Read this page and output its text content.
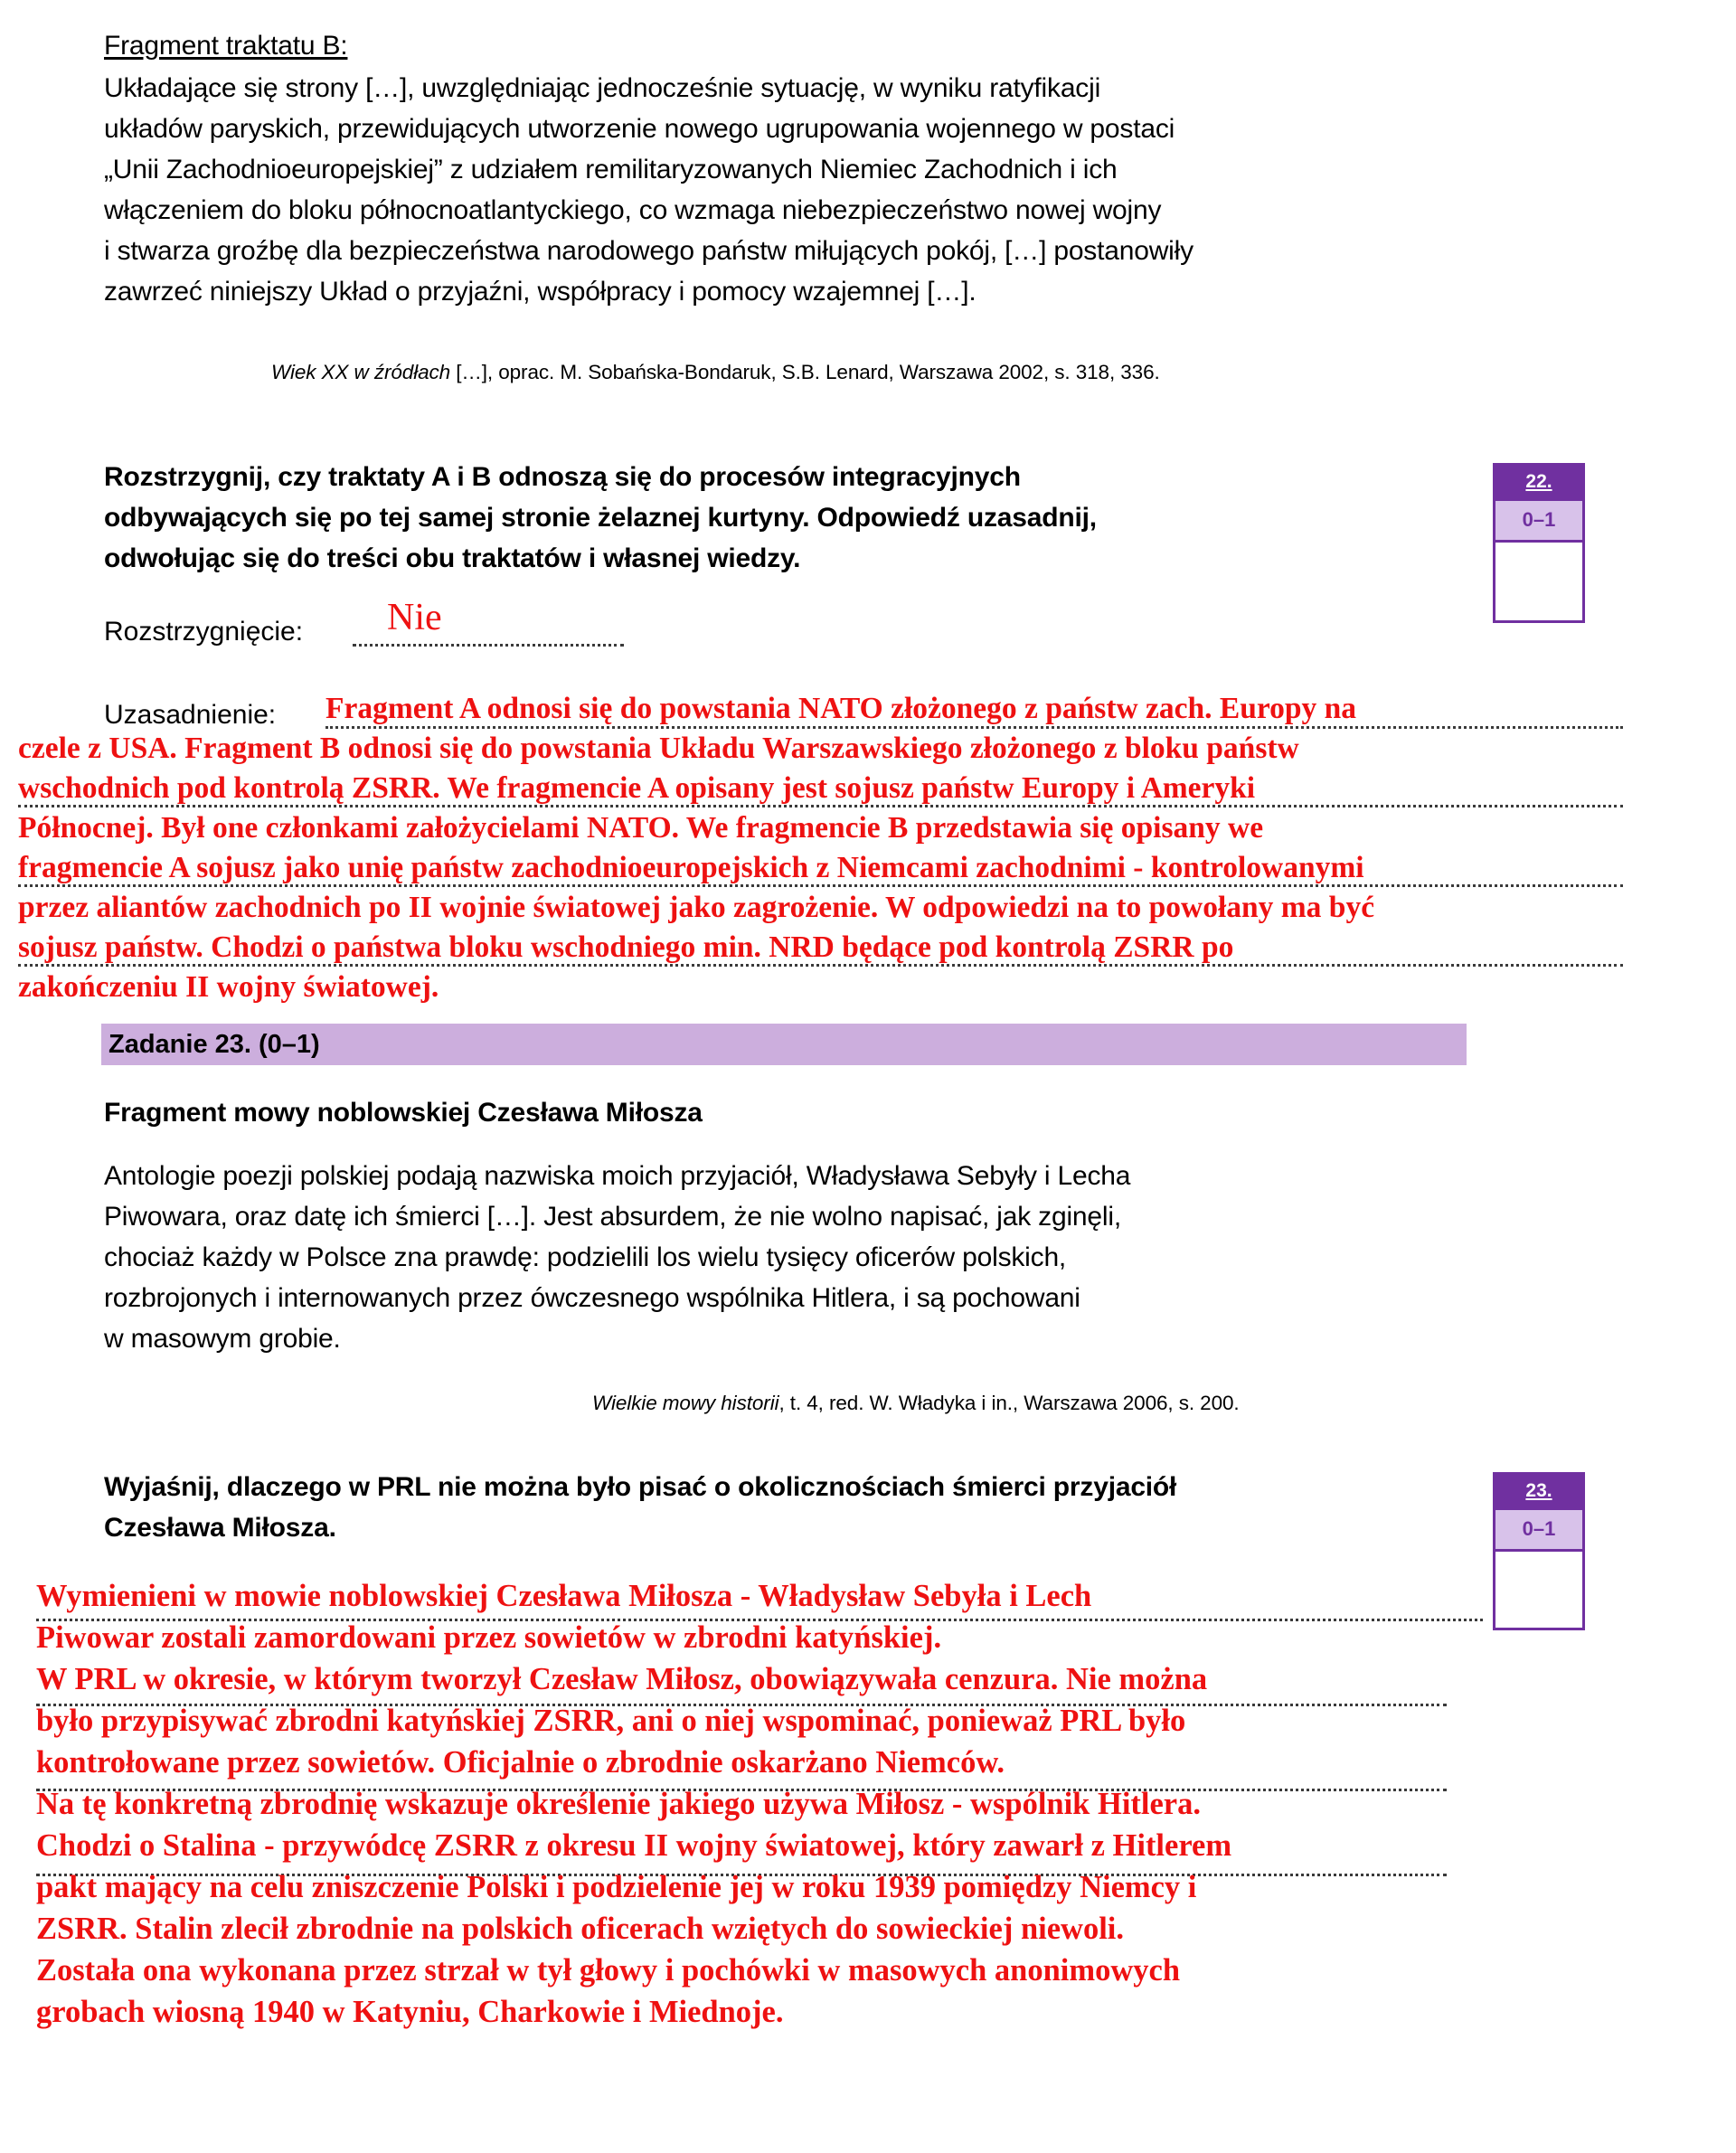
Fragment traktatu B:
Układające się strony […], uwzględniając jednocześnie sytuację, w wyniku ratyfikacji
układów paryskich, przewidujących utworzenie nowego ugrupowania wojennego w postaci
„Unii Zachodnioeuropejskiej” z udziałem remilitaryzowanych Niemiec Zachodnich i ich
włączeniem do bloku północnoatlantyckiego, co wzmaga niebezpieczeństwo nowej wojny
i stwarza groźbę dla bezpieczeństwa narodowego państw miłujących pokój, […] postanowiły
zawrzeć niniejszy Układ o przyjaźni, współpracy i pomocy wzajemnej […].
Wiek XX w źródłach […], oprac. M. Sobańska-Bondaruk, S.B. Lenard, Warszawa 2002, s. 318, 336.
Rozstrzygnij, czy traktaty A i B odnoszą się do procesów integracyjnych
odbywających się po tej samej stronie żelaznej kurtyny. Odpowiedź uzasadnij,
odwołując się do treści obu traktatów i własnej wiedzy.
22.
0–1
Rozstrzygnięcie: Nie
Uzasadnienie: Fragment A odnosi się do powstania NATO złożonego z państw zach. Europy na
czele z USA. Fragment B odnosi się do powstania Układu Warszawskiego złożonego z bloku państw
wschodnich pod kontrolą ZSRR. We fragmencie A opisany jest sojusz państw Europy i Ameryki
Północnej. Był one członkami założycielami NATO. We fragmencie B przedstawia się opisany we
fragmencie A sojusz jako unię państw zachodnioeuropejskich z Niemcami zachodnimi - kontrolowanymi
przez aliantów zachodnich po II wojnie światowej jako zagrożenie. W odpowiedzi na to powołany ma być
sojusz państw. Chodzi o państwa bloku wschodniego min. NRD będące pod kontrolą ZSRR po
zakończeniu II wojny światowej.
Zadanie 23. (0–1)
Fragment mowy noblowskiej Czesława Miłosza
Antologie poezji polskiej podają nazwiska moich przyjaciół, Władysława Sebyły i Lecha
Piwowara, oraz datę ich śmierci […]. Jest absurdem, że nie wolno napisać, jak zginęli,
chociaż każdy w Polsce zna prawdę: podzielili los wielu tysięcy oficerów polskich,
rozbrojonych i internowanych przez ówczesnego wspólnika Hitlera, i są pochowani
w masowym grobie.
Wielkie mowy historii, t. 4, red. W. Władyka i in., Warszawa 2006, s. 200.
Wyjaśnij, dlaczego w PRL nie można było pisać o okolicznościach śmierci przyjaciół
Czesława Miłosza.
23.
0–1
Wymienieni w mowie noblowskiej Czesława Miłosza - Władysław Sebyła i Lech
Piwowar zostali zamordowani przez sowietów w zbrodni katyńskiej.
W PRL w okresie, w którym tworzył Czesław Miłosz, obowiązywała cenzura. Nie można
było przypisywać zbrodni katyńskiej ZSRR, ani o niej wspominać, ponieważ PRL było
kontrołowane przez sowietów. Oficjalnie o zbrodnie oskarżano Niemców.
Na tę konkretną zbrodnię wskazuje określenie jakiego używa Miłosz - wspólnik Hitlera.
Chodzi o Stalina - przywódcę ZSRR z okresu II wojny światowej, który zawarł z Hitlerem
pakt mający na celu zniszczenie Polski i podzielenie jej w roku 1939 pomiędzy Niemcy i
ZSRR. Stalin zlecił zbrodnie na polskich oficerach wziętych do sowieckiej niewoli.
Została ona wykonana przez strzał w tył głowy i pochówki w masowych anonimowych
grobach wiosną 1940 w Katyniu, Charkowie i Miednoje.
